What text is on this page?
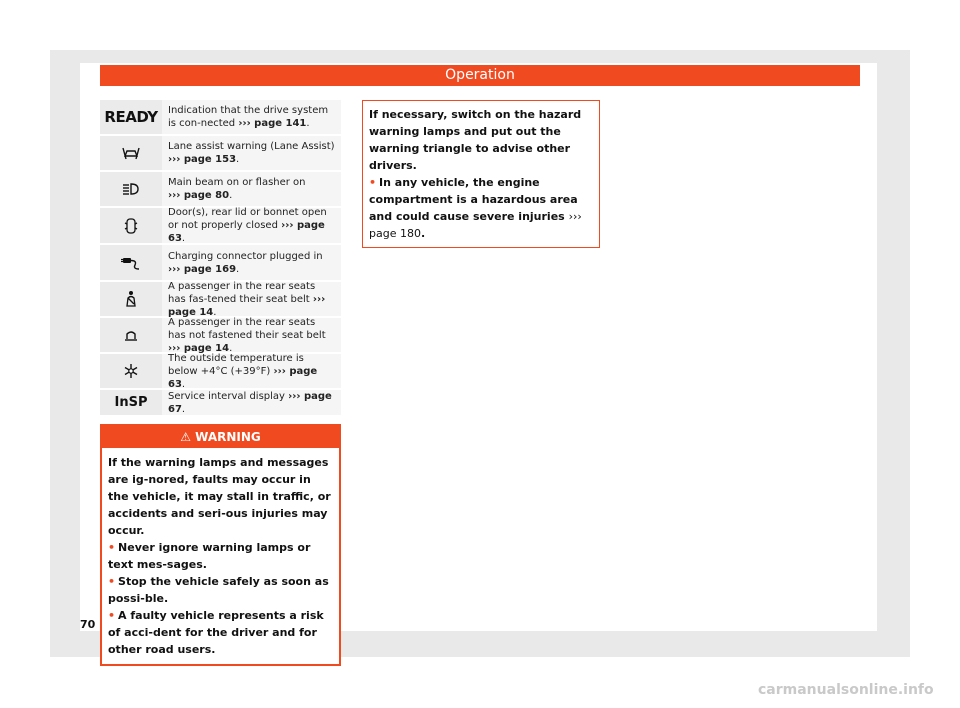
Operation
READY	Indication that the drive system is con-nected ››› page 141.
Lane assist warning (Lane Assist)
››› page 153.
Main beam on or flasher on
››› page 80.
Door(s), rear lid or bonnet open or not properly closed ››› page 63.
Charging connector plugged in
››› page 169.
A passenger in the rear seats has fas-tened their seat belt ››› page 14.
A passenger in the rear seats has not fastened their seat belt ››› page 14.
The outside temperature is below +4°C (+39°F) ››› page 63.
InSP	Service interval display ››› page 67.
⚠ WARNING
If the warning lamps and messages are ig-nored, faults may occur in the vehicle, it may stall in traffic, or accidents and seri-ous injuries may occur.
• Never ignore warning lamps or text mes-sages.
• Stop the vehicle safely as soon as possi-ble.
• A faulty vehicle represents a risk of acci-dent for the driver and for other road users.
If necessary, switch on the hazard warning lamps and put out the warning triangle to advise other drivers.
• In any vehicle, the engine compartment is a hazardous area and could cause severe injuries ››› page 180.
70
carmanualsonline.info
